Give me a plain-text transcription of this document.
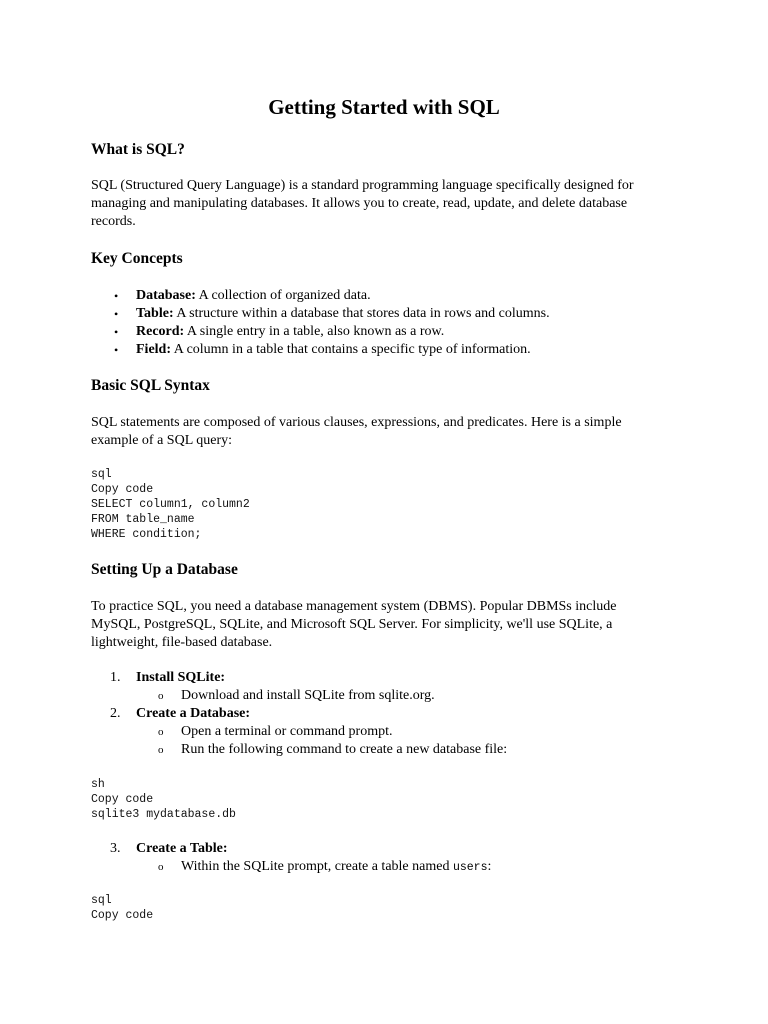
Getting Started with SQL
What is SQL?

SQL (Structured Query Language) is a standard programming language specifically designed for
managing and manipulating databases. It allows you to create, read, update, and delete database
records.

Key Concepts
• Database: A collection of organized data.
• Table: A structure within a database that stores data in rows and columns.
• Record: A single entry in a table, also known as a row.
• Field: A column in a table that contains a specific type of information.
Basic SQL Syntax

SQL statements are composed of various clauses, expressions, and predicates. Here is a simple
example of a SQL query:

sql
Copy code
SELECT column1, column2
FROM table_name
WHERE condition;
Setting Up a Database

To practice SQL, you need a database management system (DBMS). Popular DBMSs include
MySQL, PostgreSQL, SQLite, and Microsoft SQL Server. For simplicity, we'll use SQLite, a
lightweight, file-based database.

1. Install SQLite:
o Download and install SQLite from sqlite.org.
2. Create a Database:
o Open a terminal or command prompt.
o Run the following command to create a new database file:
sh
Copy code
sqlite3 mydatabase.db
3. Create a Table:
o Within the SQLite prompt, create a table named users:
sql
Copy code
